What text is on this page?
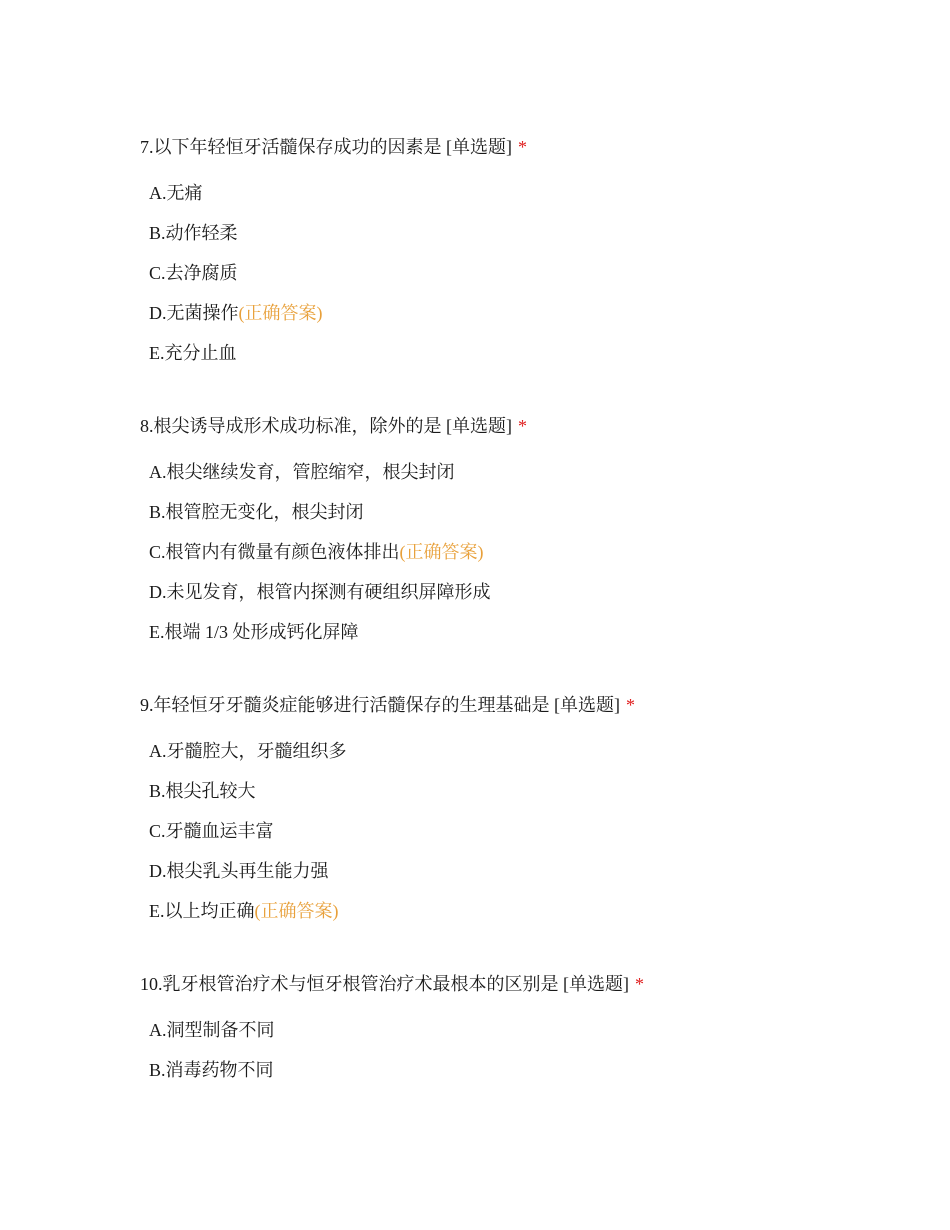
7.以下年轻恒牙活髓保存成功的因素是 [单选题] *
A.无痛
B.动作轻柔
C.去净腐质
D.无菌操作(正确答案)
E.充分止血
8.根尖诱导成形术成功标准，除外的是 [单选题] *
A.根尖继续发育，管腔缩窄，根尖封闭
B.根管腔无变化，根尖封闭
C.根管内有微量有颜色液体排出(正确答案)
D.未见发育，根管内探测有硬组织屏障形成
E.根端 1/3 处形成钙化屏障
9.年轻恒牙牙髓炎症能够进行活髓保存的生理基础是 [单选题] *
A.牙髓腔大，牙髓组织多
B.根尖孔较大
C.牙髓血运丰富
D.根尖乳头再生能力强
E.以上均正确(正确答案)
10.乳牙根管治疗术与恒牙根管治疗术最根本的区别是 [单选题] *
A.洞型制备不同
B.消毒药物不同
